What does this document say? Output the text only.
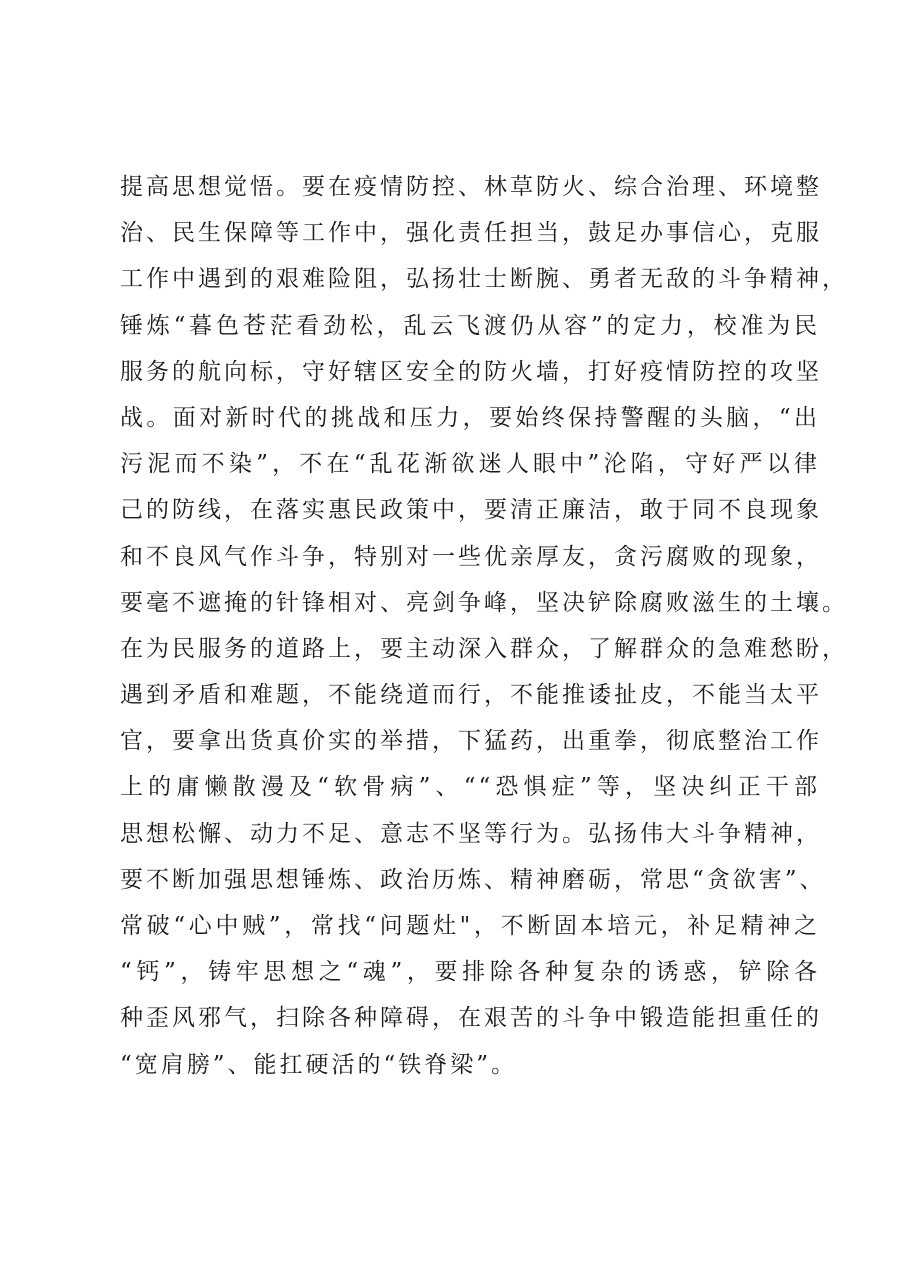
提高思想觉悟。要在疫情防控、林草防火、综合治理、环境整
治、民生保障等工作中，强化责任担当，鼓足办事信心，克服
工作中遇到的艰难险阻，弘扬壮士断腕、勇者无敌的斗争精神，
锤炼“暮色苍茫看劲松，乱云飞渡仍从容”的定力，校准为民
服务的航向标，守好辖区安全的防火墙，打好疫情防控的攻坚
战。面对新时代的挑战和压力，要始终保持警醒的头脑，“出
污泥而不染”，不在“乱花渐欲迷人眼中”沦陷，守好严以律
己的防线，在落实惠民政策中，要清正廉洁，敢于同不良现象
和不良风气作斗争，特别对一些优亲厚友，贪污腐败的现象，
要毫不遮掩的针锋相对、亮剑争峰，坚决铲除腐败滋生的土壤。
在为民服务的道路上，要主动深入群众，了解群众的急难愁盼，
遇到矛盾和难题，不能绕道而行，不能推诿扯皮，不能当太平
官，要拿出货真价实的举措，下猛药，出重拳，彻底整治工作
上的庸懒散漫及“软骨病”、““恐惧症”等，坚决纠正干部
思想松懈、动力不足、意志不坚等行为。弘扬伟大斗争精神，
要不断加强思想锤炼、政治历炼、精神磨砺，常思“贪欲害”、
常破“心中贼”，常找“问题灶"，不断固本培元，补足精神之
“钙”，铸牢思想之“魂”，要排除各种复杂的诱惑，铲除各
种歪风邪气，扫除各种障碍，在艰苦的斗争中锻造能担重任的
“宽肩膀”、能扛硬活的“铁脊梁”。
